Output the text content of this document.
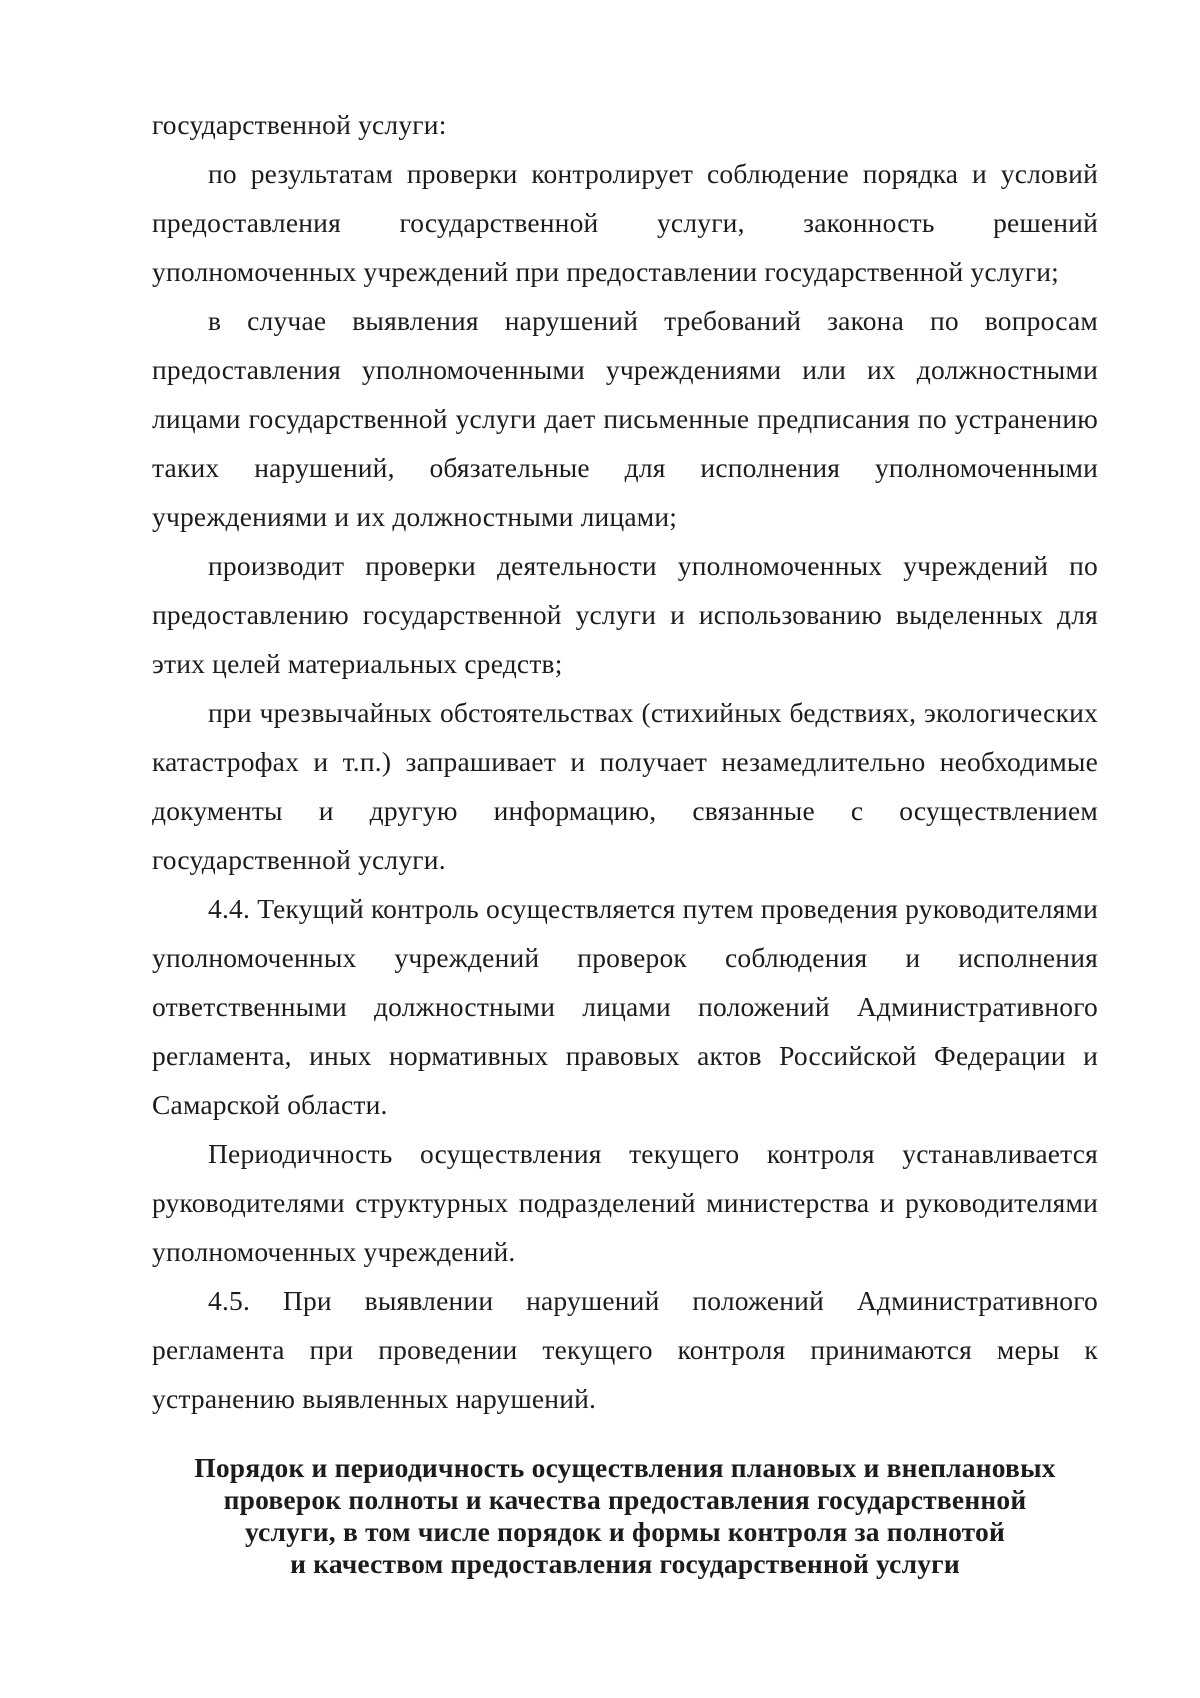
государственной услуги:

по результатам проверки контролирует соблюдение порядка и условий предоставления государственной услуги, законность решений уполномоченных учреждений при предоставлении государственной услуги;

в случае выявления нарушений требований закона по вопросам предоставления уполномоченными учреждениями или их должностными лицами государственной услуги дает письменные предписания по устранению таких нарушений, обязательные для исполнения уполномоченными учреждениями и их должностными лицами;

производит проверки деятельности уполномоченных учреждений по предоставлению государственной услуги и использованию выделенных для этих целей материальных средств;

при чрезвычайных обстоятельствах (стихийных бедствиях, экологических катастрофах и т.п.) запрашивает и получает незамедлительно необходимые документы и другую информацию, связанные с осуществлением государственной услуги.

4.4. Текущий контроль осуществляется путем проведения руководителями уполномоченных учреждений проверок соблюдения и исполнения ответственными должностными лицами положений Административного регламента, иных нормативных правовых актов Российской Федерации и Самарской области.

Периодичность осуществления текущего контроля устанавливается руководителями структурных подразделений министерства и руководителями уполномоченных учреждений.

4.5. При выявлении нарушений положений Административного регламента при проведении текущего контроля принимаются меры к устранению выявленных нарушений.

Порядок и периодичность осуществления плановых и внеплановых
проверок полноты и качества предоставления государственной
услуги, в том числе порядок и формы контроля за полнотой
и качеством предоставления государственной услуги
